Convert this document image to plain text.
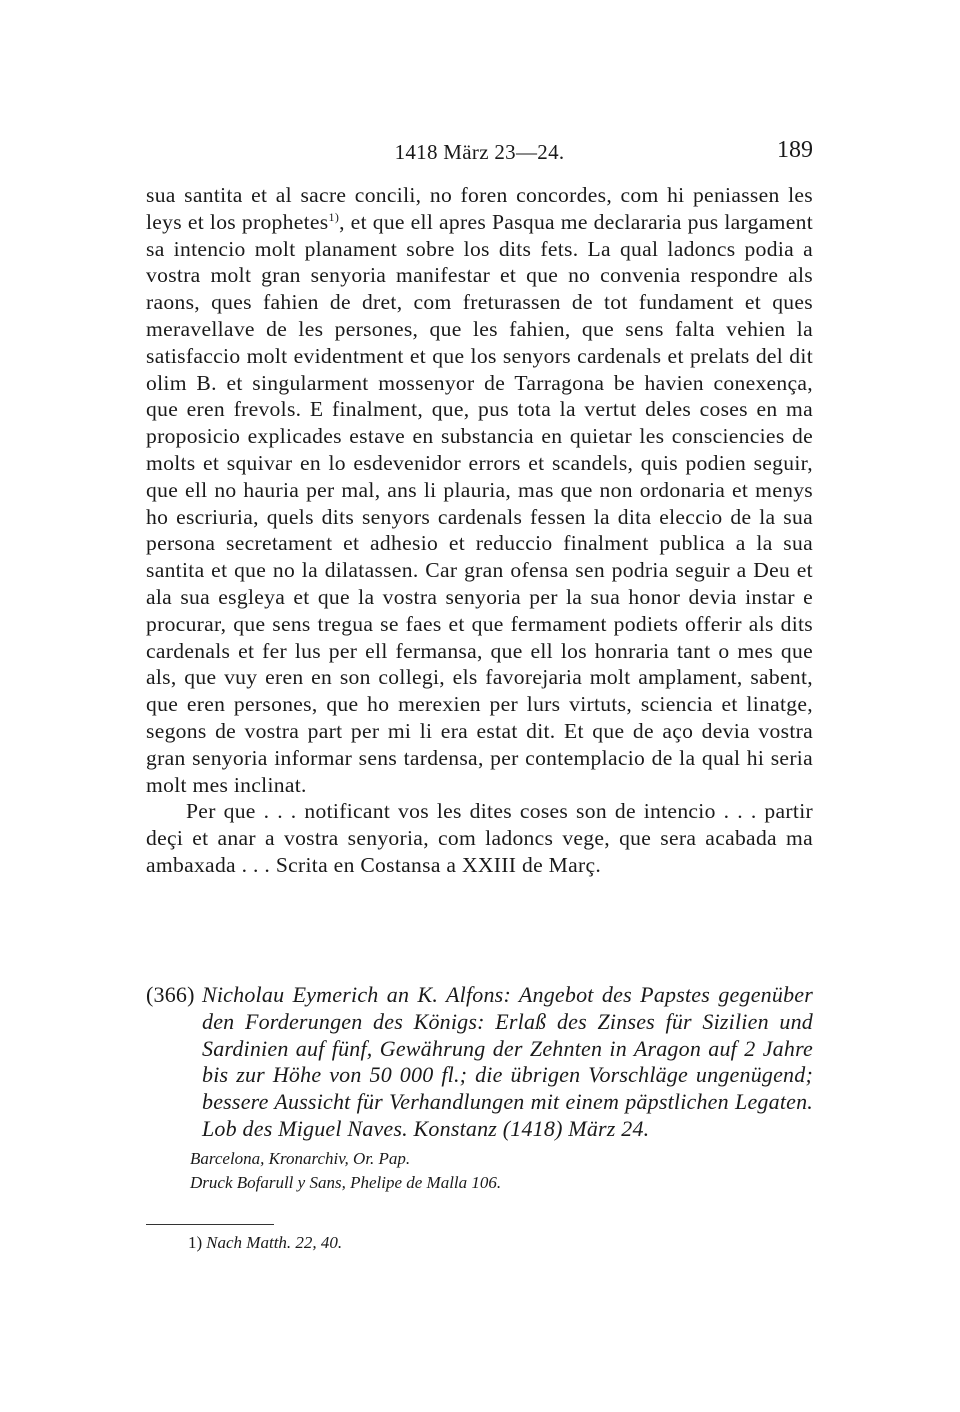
1418 März 23—24.	189

sua santita et al sacre concili, no foren concordes, com hi peniassen les leys et los prophetes$^{1)}$, et que ell apres Pasqua me declararia pus largament sa intencio molt planament sobre los dits fets. La qual ladoncs podia a vostra molt gran senyoria manifestar et que no convenia respondre als raons, ques fahien de dret, com freturassen de tot fundament et ques meravellave de les persones, que les fahien, que sens falta vehien la satisfaccio molt evidentment et que los senyors cardenals et prelats del dit olim B. et singularment mossenyor de Tarragona be havien conexença, que eren frevols. E finalment, que, pus tota la vertut deles coses en ma proposicio explicades estave en substancia en quietar les consciencies de molts et squivar en lo esdevenidor errors et scandels, quis podien seguir, que ell no hauria per mal, ans li plauria, mas que non ordonaria et menys ho escriuria, quels dits senyors cardenals fessen la dita eleccio de la sua persona secretament et adhesio et reduccio finalment publica a la sua santita et que no la dilatassen. Car gran ofensa sen podria seguir a Deu et ala sua esgleya et que la vostra senyoria per la sua honor devia instar e procurar, que sens tregua se faes et que fermament podiets offerir als dits cardenals et fer lus per ell fermansa, que ell los honraria tant o mes que als, que vuy eren en son collegi, els favorejaria molt amplament, sabent, que eren persones, que ho merexien per lurs virtuts, sciencia et linatge, segons de vostra part per mi li era estat dit. Et que de aço devia vostra gran senyoria informar sens tardensa, per contemplacio de la qual hi seria molt mes inclinat.

Per que . . . notificant vos les dites coses son de intencio . . . partir deçi et anar a vostra senyoria, com ladoncs vege, que sera acabada ma ambaxada . . . Scrita en Costansa a XXIII de Març.

(366) Nicholau Eymerich an K. Alfons: Angebot des Papstes gegenüber den Forderungen des Königs: Erlaß des Zinses für Sizilien und Sardinien auf fünf, Gewährung der Zehnten in Aragon auf 2 Jahre bis zur Höhe von 50 000 fl.; die übrigen Vorschläge ungenügend; bessere Aussicht für Verhandlungen mit einem päpstlichen Legaten. Lob des Miguel Naves. Konstanz (1418) März 24.
Barcelona, Kronarchiv, Or. Pap.
Druck Bofarull y Sans, Phelipe de Malla 106.
1) Nach Matth. 22, 40.
